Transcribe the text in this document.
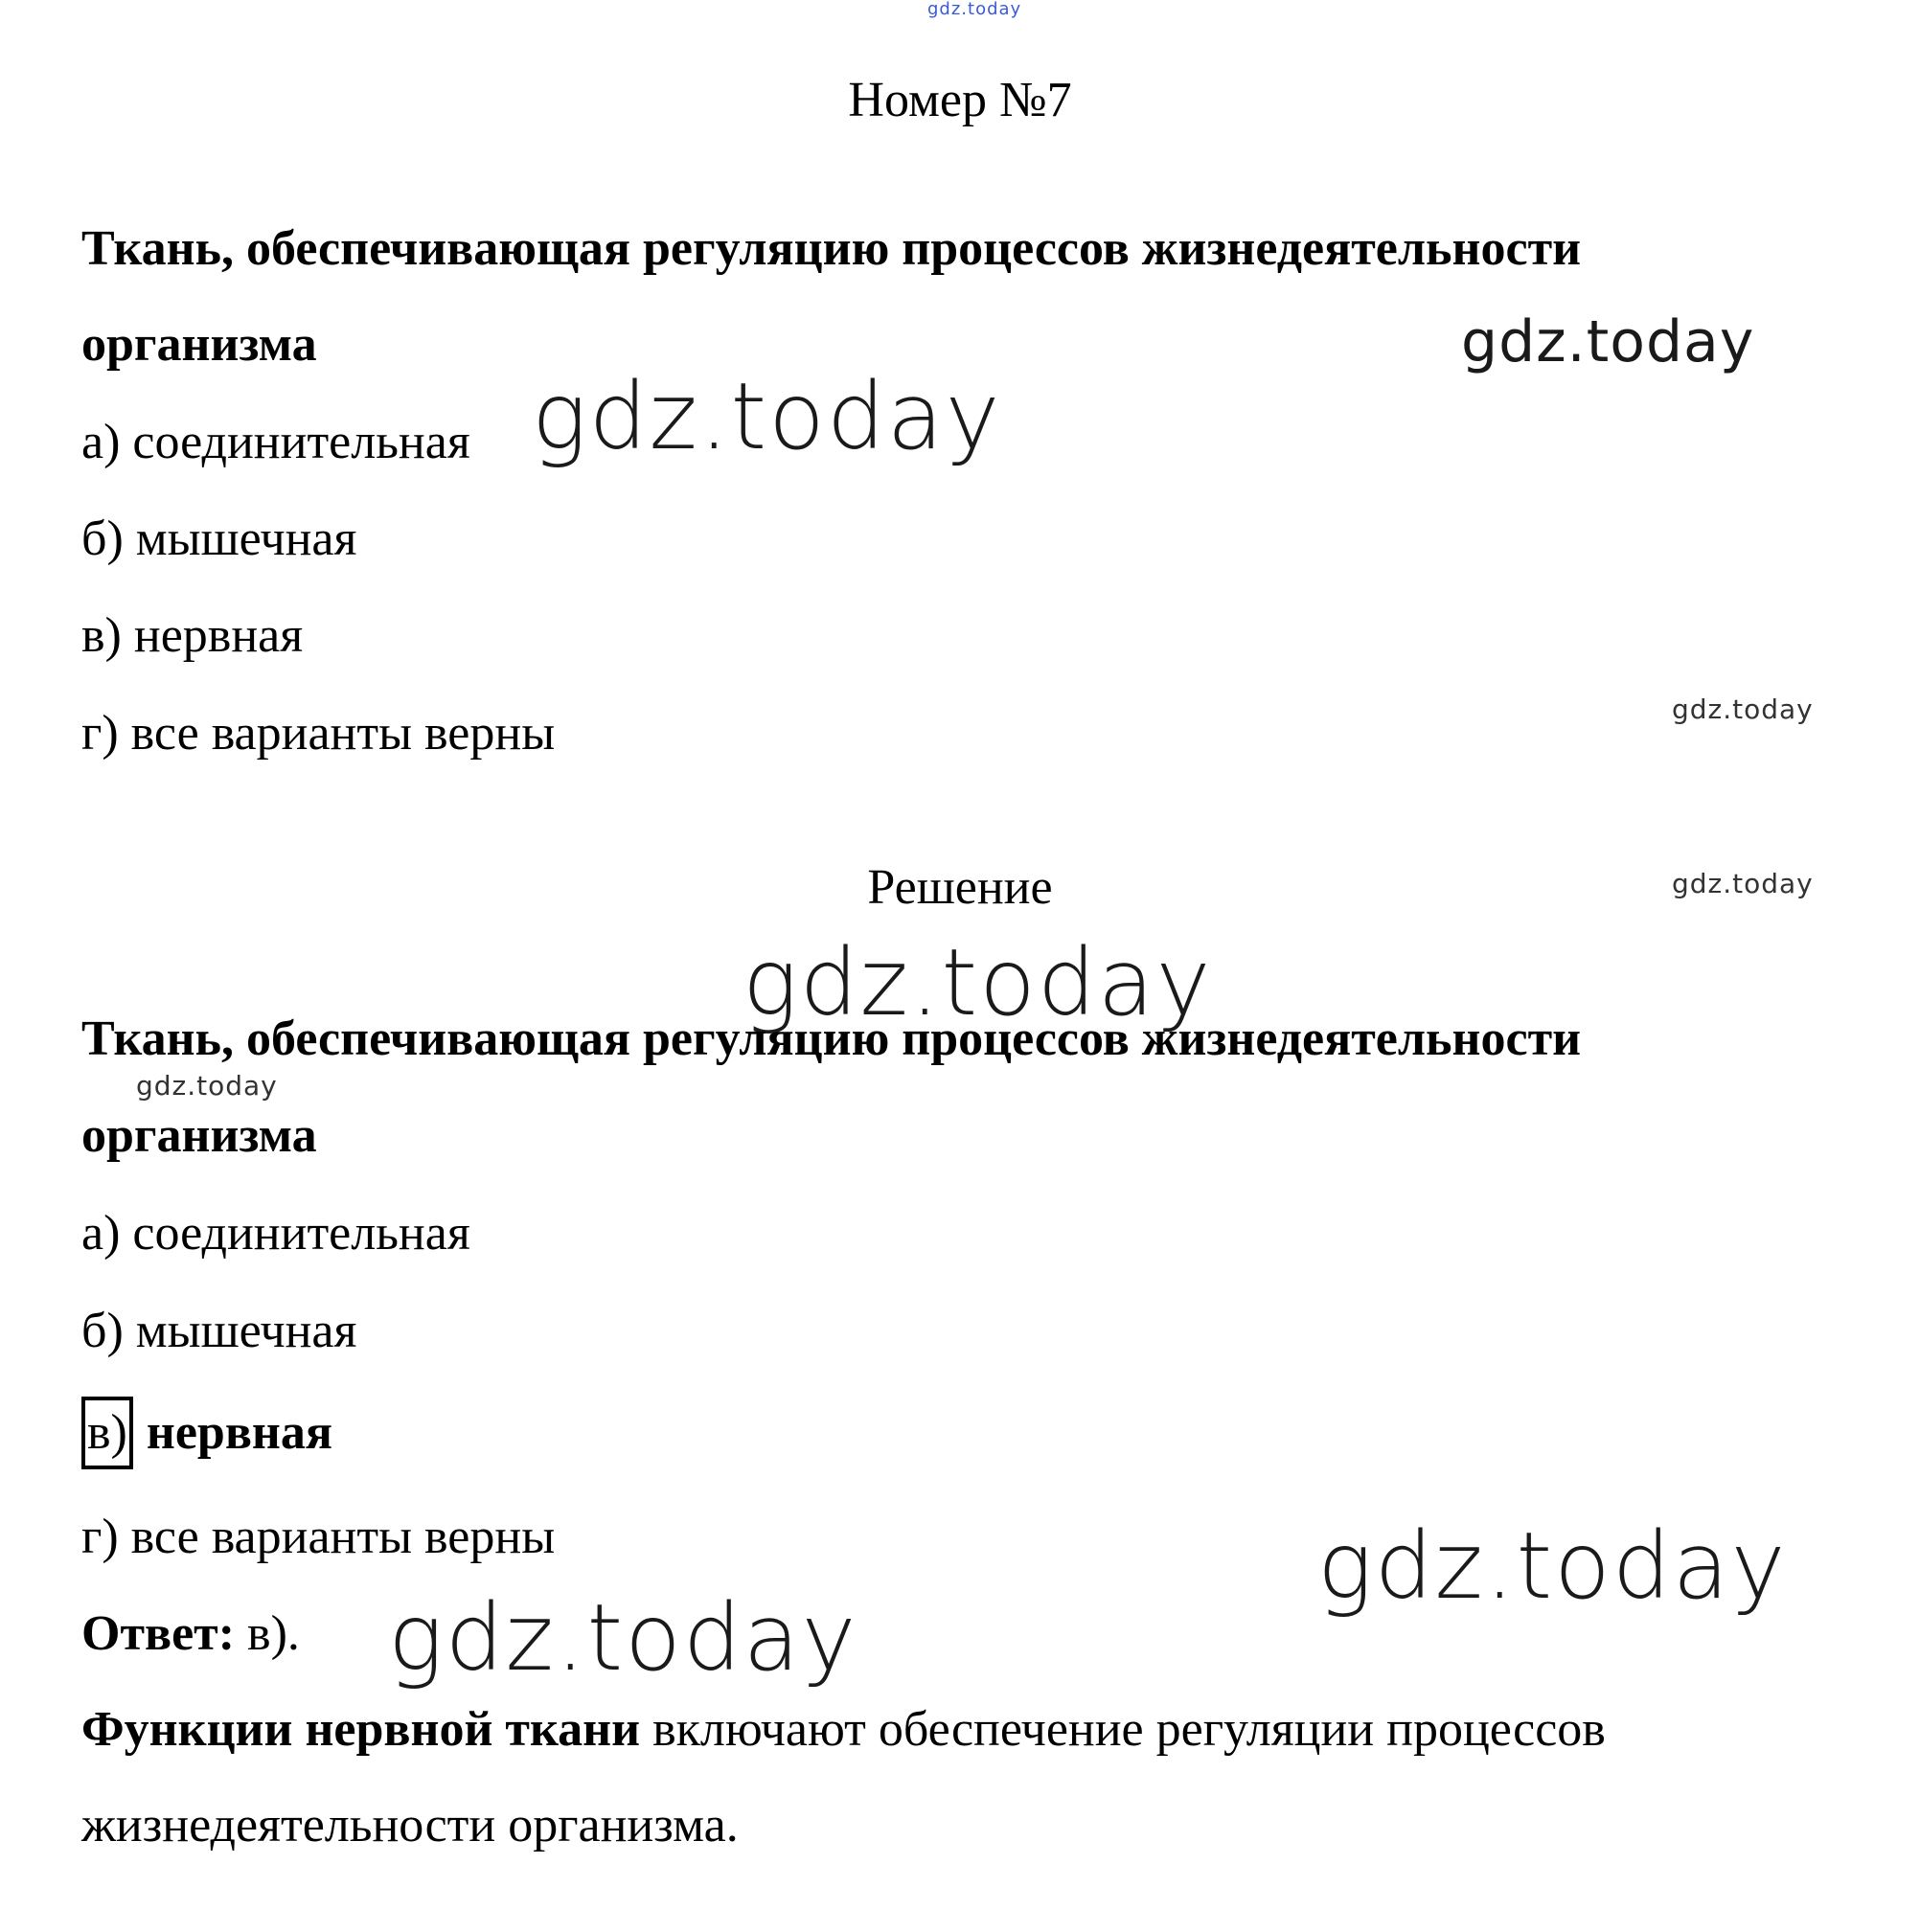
gdz.today
gdz.today
gdz.today
gdz.today
gdz.today
gdz.today
gdz.today
gdz.today
gdz.today
Номер №7
Ткань, обеспечивающая регуляцию процессов жизнедеятельности
организма
а) соединительная
б) мышечная
в) нервная
г) все варианты верны
Решение
Ткань, обеспечивающая регуляцию процессов жизнедеятельности
организма
а) соединительная
б) мышечная
в) нервная
г) все варианты верны
Ответ: в).
Функции нервной ткани включают обеспечение регуляции процессов
жизнедеятельности организма.
